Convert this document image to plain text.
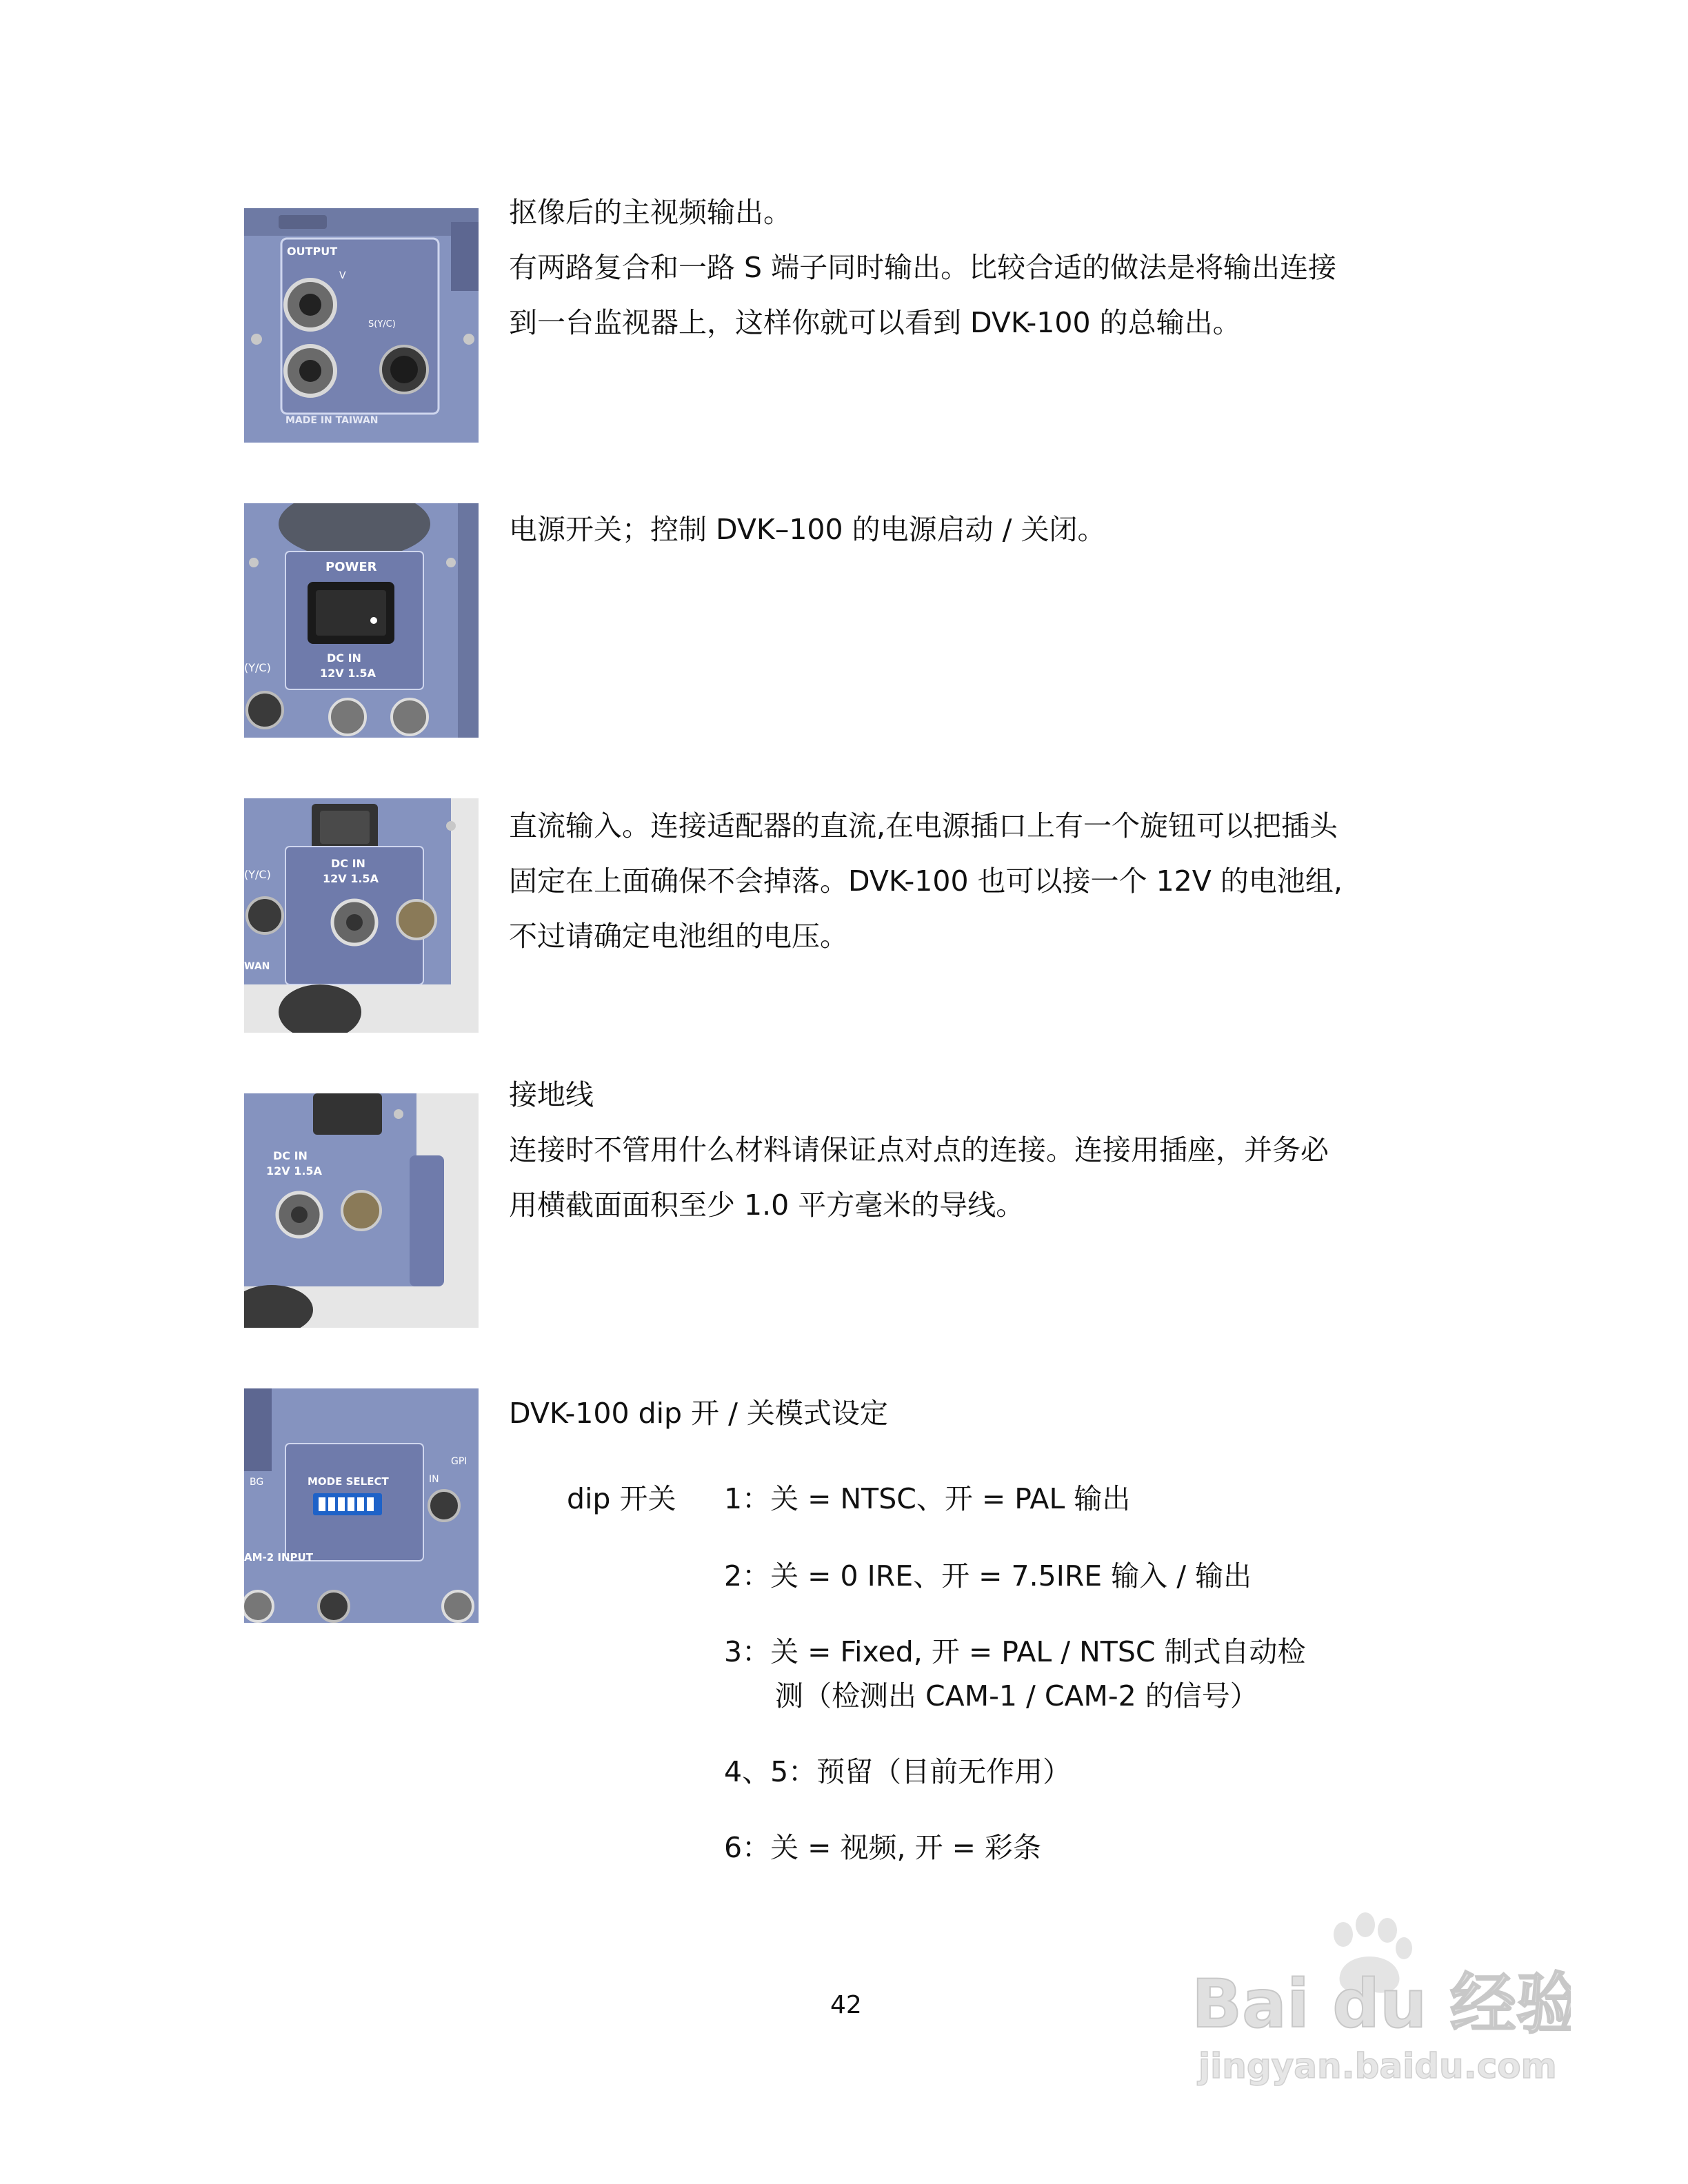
OUTPUT
V
S(Y/C)
MADE IN TAIWAN

抠像后的主视频输出。

有两路复合和一路 S 端子同时输出。比较合适的做法是将输出连接

到一台监视器上，这样你就可以看到 DVK-100 的总输出。

POWER
DC IN
12V 1.5A
(Y/C)

电源开关；控制 DVK–100 的电源启动 / 关闭。

DC IN
12V 1.5A
(Y/C)
WAN

直流输入。连接适配器的直流,在电源插口上有一个旋钮可以把插头

固定在上面确保不会掉落。DVK-100 也可以接一个 12V 的电池组,

不过请确定电池组的电压。

DC IN
12V 1.5A

接地线

连接时不管用什么材料请保证点对点的连接。连接用插座，并务必

用横截面面积至少 1.0 平方毫米的导线。

MODE SELECT
BG	IN
AM-2 INPUT
GPI

DVK-100 dip 开 / 关模式设定

dip 开关 1：关 = NTSC、开 = PAL 输出
2：关 = 0 IRE、开 = 7.5IRE 输入 / 输出
3：关 = Fixed, 开 = PAL / NTSC 制式自动检
测（检测出 CAM-1 / CAM-2 的信号）
4、5：预留（目前无作用）
6：关 = 视频, 开 = 彩条
42	Bai du 经验
jingyan.baidu.com
